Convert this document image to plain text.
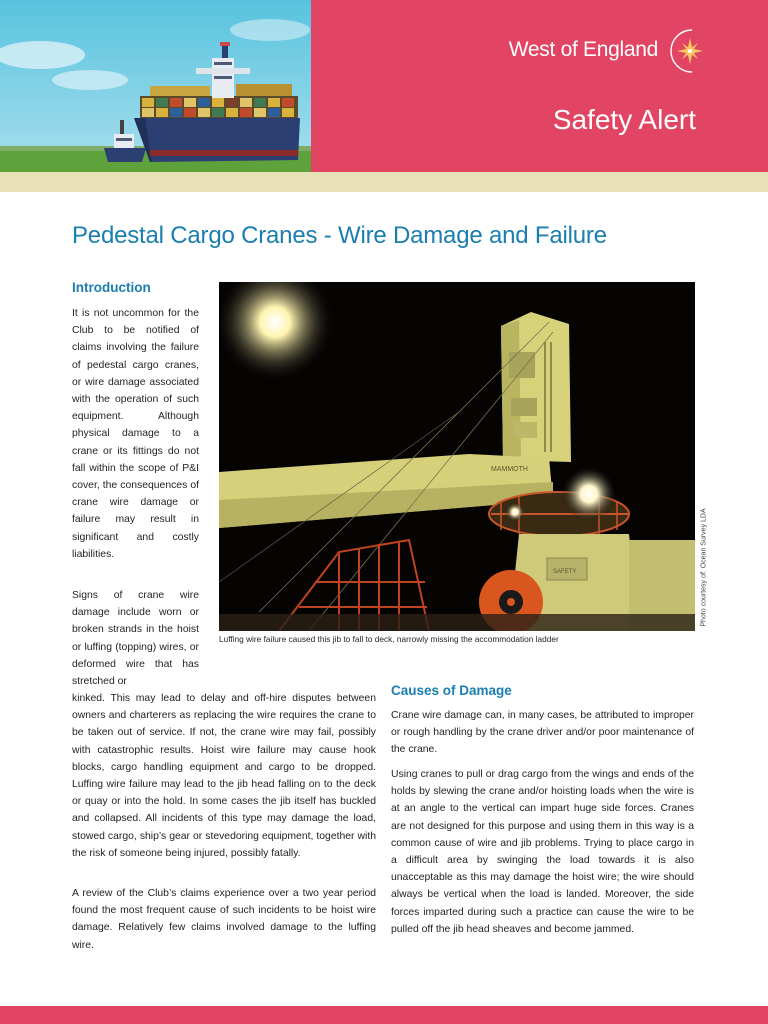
West of England
Safety Alert
Pedestal Cargo Cranes - Wire Damage and Failure
Introduction

It is not uncommon for the Club to be notified of claims involving the failure of pedestal cargo cranes, or wire damage associated with the operation of such equipment. Although physical damage to a crane or its fittings do not fall within the scope of P&I cover, the consequences of crane wire damage or failure may result in significant and costly liabilities.

Signs of crane wire damage include worn or broken strands in the hoist or luffing (topping) wires, or deformed wire that has stretched or

kinked. This may lead to delay and off-hire disputes between owners and charterers as replacing the wire requires the crane to be taken out of service. If not, the crane wire may fail, possibly with catastrophic results. Hoist wire failure may cause hook blocks, cargo handling equipment and cargo to be dropped. Luffing wire failure may lead to the jib head falling on to the deck or quay or into the hold. In some cases the jib itself has buckled and collapsed. All incidents of this type may damage the load, stowed cargo, ship’s gear or stevedoring equipment, together with the risk of someone being injured, possibly fatally.

A review of the Club’s claims experience over a two year period found the most frequent cause of such incidents to be hoist wire damage. Relatively few claims involved damage to the luffing wire.

MAMMOTH
SAFETY	Photo courtesy of: Ocean Survey LDA

Luffing wire failure caused this jib to fall to deck, narrowly missing the accommodation ladder

Causes of Damage

Crane wire damage can, in many cases, be attributed to improper or rough handling by the crane driver and/or poor maintenance of the crane.

Using cranes to pull or drag cargo from the wings and ends of the holds by slewing the crane and/or hoisting loads when the wire is at an angle to the vertical can impart huge side forces. Cranes are not designed for this purpose and using them in this way is a common cause of wire and jib problems. Trying to place cargo in a difficult area by swinging the load towards it is also unacceptable as this may damage the hoist wire; the wire should always be vertical when the load is landed. Moreover, the side forces imparted during such a practice can cause the wire to be pulled off the jib head sheaves and become jammed.
